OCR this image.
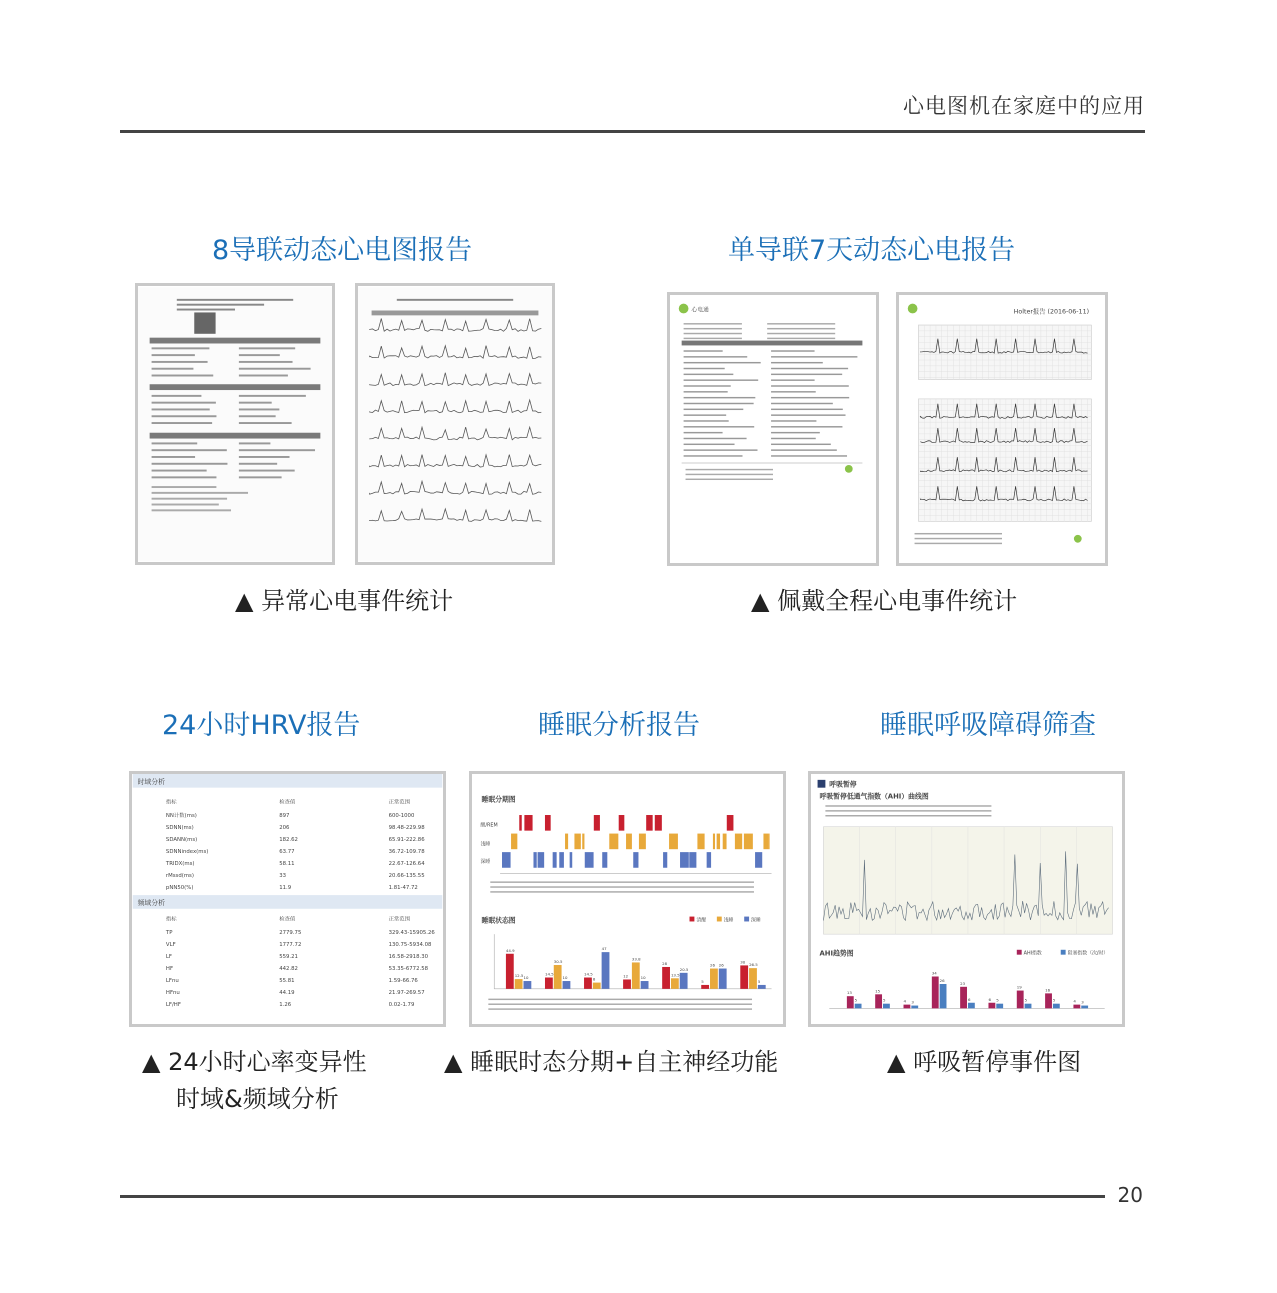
心电图机在家庭中的应用
8导联动态心电图报告	单导联7天动态心电报告
心电通	Holter报告 (2016-06-11)
▲ 异常心电事件统计	▲ 佩戴全程心电事件统计
24小时HRV报告	睡眠分析报告	睡眠呼吸障碍筛查
时域分析
频域分析
指标	检查值	正常范围
NN计数(ms)	897	600-1000
SDNN(ms)	206	98.48-229.98
SDANN(ms)	182.62	65.91-222.86
SDNNindex(ms)	63.77	36.72-109.78
TRIDX(ms)	58.11	22.67-126.64
rMssd(ms)	33	20.66-135.55
pNN50(%)	11.9	1.81-47.72
指标	检查值	正常范围
TP	2779.75	329.43-15905.26
VLF	1777.72	130.75-5934.08
LF	559.21	16.58-2918.30
HF	442.82	53.35-6772.58
LFnu	55.81	1.59-66.76
HFnu	44.19	21.97-269.57
LF/HF	1.26	0.02-1.79
睡眠分期图
睡眠状态图
醒/REM
浅睡
深睡
清醒	浅睡	深睡
44.9
12.5 10
14.5
30.5
10
14.5
8
47
12
33.8
10
28
13.5
20.5
5
26 26
30
26.5
5
呼吸暂停
呼吸暂停低通气指数（AHI）曲线图
AHI趋势图	AHI指数	阻塞指数（次/时）
13
5
15
5	4 3
34
26
23
6	6 5
19
5
16
5	4 3
▲ 24小时心率变异性
时域&频域分析
▲ 睡眠时态分期+自主神经功能	▲ 呼吸暂停事件图
20
